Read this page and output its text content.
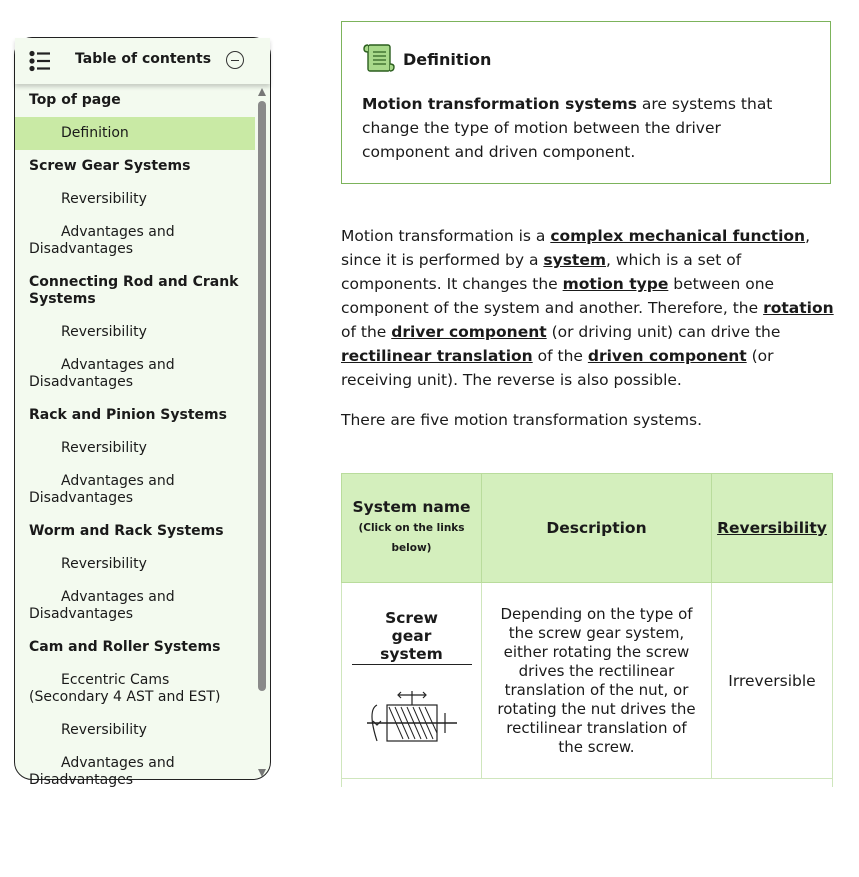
Table of contents
Top of page
Definition
Screw Gear Systems
Reversibility
Advantages and Disadvantages
Connecting Rod and Crank Systems
Reversibility
Advantages and Disadvantages
Rack and Pinion Systems
Reversibility
Advantages and Disadvantages
Worm and Rack Systems
Reversibility
Advantages and Disadvantages
Cam and Roller Systems
Eccentric Cams (Secondary 4 AST and EST)
Reversibility
Advantages and Disadvantages
Definition
Motion transformation systems are systems that change the type of motion between the driver component and driven component.
Motion transformation is a complex mechanical function, since it is performed by a system, which is a set of components. It changes the motion type between one component of the system and another. Therefore, the rotation of the driver component (or driving unit) can drive the rectilinear translation of the driven component (or receiving unit). The reverse is also possible.
There are five motion transformation systems.
System name
(Click on the links below)
Description	Reversibility
Screw gear system
Depending on the type of the screw gear system, either rotating the screw drives the rectilinear translation of the nut, or rotating the nut drives the rectilinear translation of the screw.
Irreversible
